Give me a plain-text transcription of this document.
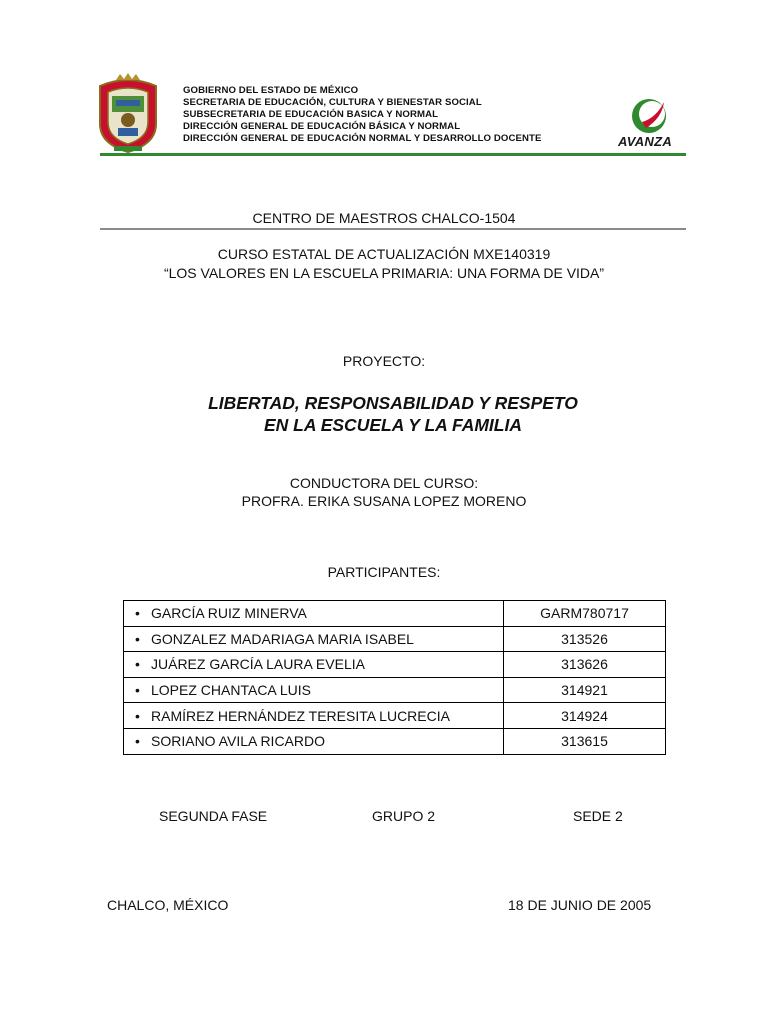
GOBIERNO DEL ESTADO DE MÉXICO
SECRETARIA DE EDUCACIÓN, CULTURA Y BIENESTAR SOCIAL
SUBSECRETARIA DE EDUCACIÓN BASICA Y NORMAL
DIRECCIÓN GENERAL DE EDUCACIÓN BÁSICA Y NORMAL
DIRECCIÓN GENERAL DE EDUCACIÓN NORMAL Y DESARROLLO DOCENTE	AVANZA
CENTRO DE MAESTROS CHALCO-1504
CURSO ESTATAL DE ACTUALIZACIÓN MXE140319
“LOS VALORES EN LA ESCUELA PRIMARIA: UNA FORMA DE VIDA”
PROYECTO:
LIBERTAD, RESPONSABILIDAD Y RESPETO
EN LA ESCUELA Y LA FAMILIA
CONDUCTORA DEL CURSO:
PROFRA. ERIKA SUSANA LOPEZ MORENO
PARTICIPANTES:
• GARCÍA RUIZ MINERVA	GARM780717
• GONZALEZ MADARIAGA MARIA ISABEL	313526
• JUÁREZ GARCÍA LAURA EVELIA	313626
• LOPEZ CHANTACA LUIS	314921
• RAMÍREZ HERNÁNDEZ TERESITA LUCRECIA	314924
• SORIANO AVILA RICARDO	313615
SEGUNDA FASE	GRUPO 2	SEDE 2
CHALCO, MÉXICO	18 DE JUNIO DE 2005
